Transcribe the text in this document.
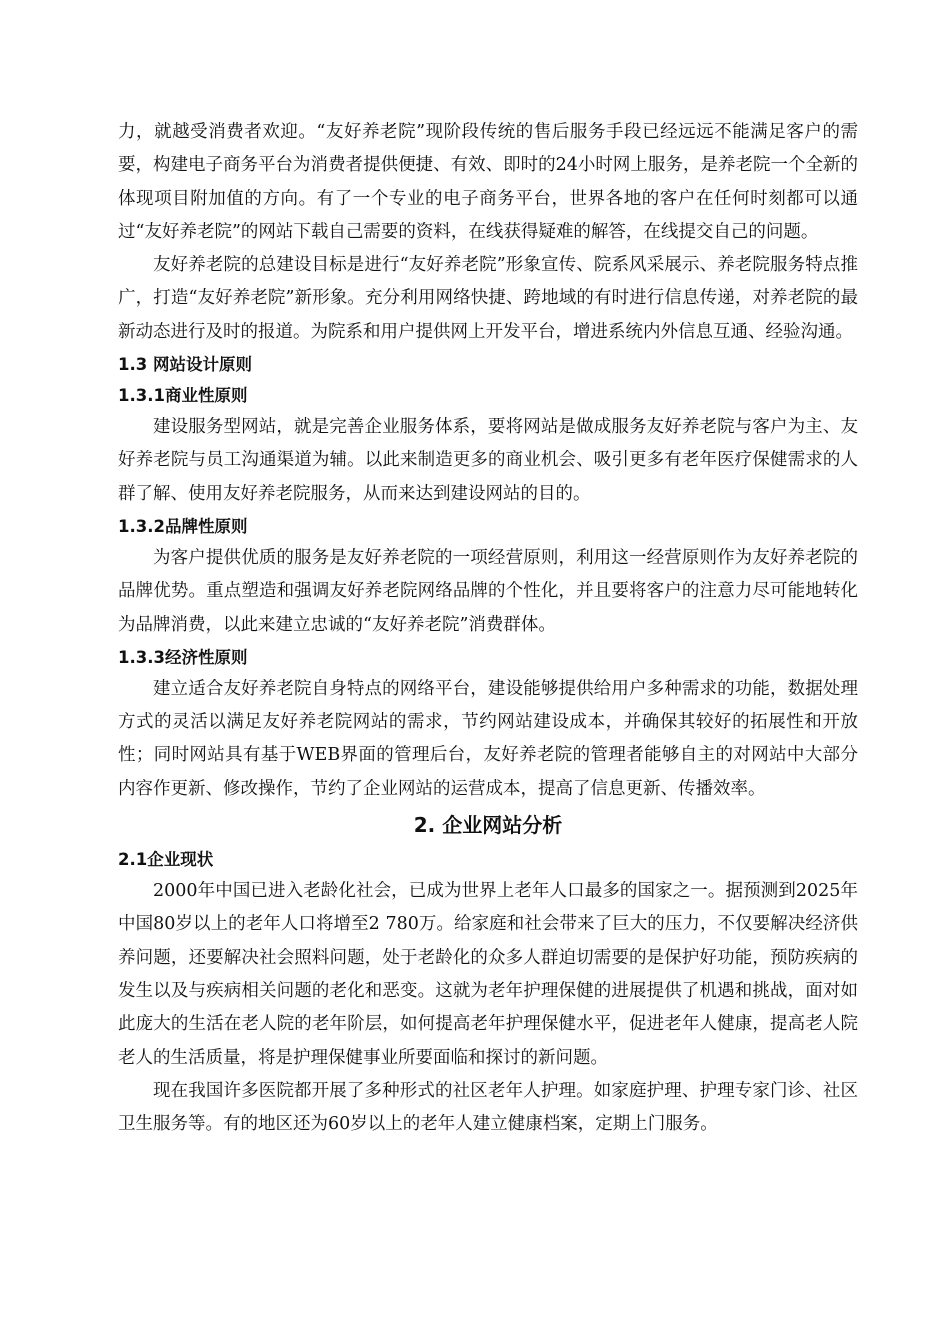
力，就越受消费者欢迎。“友好养老院”现阶段传统的售后服务手段已经远远不能满足客户的需要，构建电子商务平台为消费者提供便捷、有效、即时的24小时网上服务，是养老院一个全新的体现项目附加值的方向。有了一个专业的电子商务平台，世界各地的客户在任何时刻都可以通过“友好养老院”的网站下载自己需要的资料，在线获得疑难的解答，在线提交自己的问题。

友好养老院的总建设目标是进行“友好养老院”形象宣传、院系风采展示、养老院服务特点推广，打造“友好养老院”新形象。充分利用网络快捷、跨地域的有时进行信息传递，对养老院的最新动态进行及时的报道。为院系和用户提供网上开发平台，增进系统内外信息互通、经验沟通。

1.3 网站设计原则
1.3.1商业性原则

建设服务型网站，就是完善企业服务体系，要将网站是做成服务友好养老院与客户为主、友好养老院与员工沟通渠道为辅。以此来制造更多的商业机会、吸引更多有老年医疗保健需求的人群了解、使用友好养老院服务，从而来达到建设网站的目的。

1.3.2品牌性原则

为客户提供优质的服务是友好养老院的一项经营原则，利用这一经营原则作为友好养老院的品牌优势。重点塑造和强调友好养老院网络品牌的个性化，并且要将客户的注意力尽可能地转化为品牌消费，以此来建立忠诚的“友好养老院”消费群体。

1.3.3经济性原则

建立适合友好养老院自身特点的网络平台，建设能够提供给用户多种需求的功能，数据处理方式的灵活以满足友好养老院网站的需求，节约网站建设成本，并确保其较好的拓展性和开放性；同时网站具有基于WEB界面的管理后台，友好养老院的管理者能够自主的对网站中大部分内容作更新、修改操作，节约了企业网站的运营成本，提高了信息更新、传播效率。

2. 企业网站分析
2.1企业现状

2000年中国已进入老龄化社会，已成为世界上老年人口最多的国家之一。据预测到2025年中国80岁以上的老年人口将增至2 780万。给家庭和社会带来了巨大的压力，不仅要解决经济供养问题，还要解决社会照料问题，处于老龄化的众多人群迫切需要的是保护好功能，预防疾病的发生以及与疾病相关问题的老化和恶变。这就为老年护理保健的进展提供了机遇和挑战，面对如此庞大的生活在老人院的老年阶层，如何提高老年护理保健水平，促进老年人健康，提高老人院老人的生活质量，将是护理保健事业所要面临和探讨的新问题。

现在我国许多医院都开展了多种形式的社区老年人护理。如家庭护理、护理专家门诊、社区卫生服务等。有的地区还为60岁以上的老年人建立健康档案，定期上门服务。
